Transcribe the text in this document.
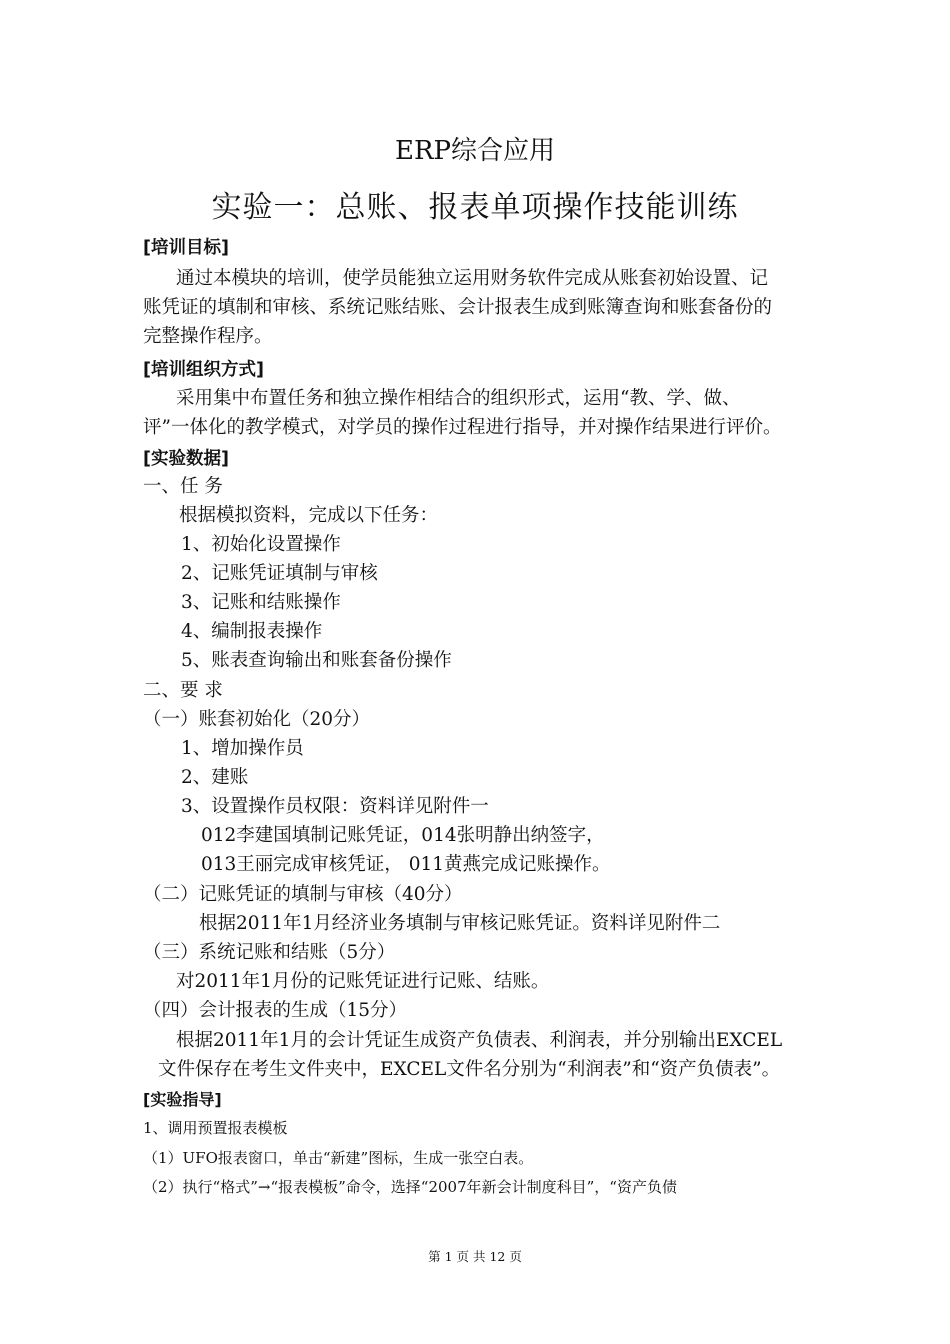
ERP综合应用
实验一：总账、报表单项操作技能训练

[培训目标]

通过本模块的培训，使学员能独立运用财务软件完成从账套初始设置、记

账凭证的填制和审核、系统记账结账、会计报表生成到账簿查询和账套备份的

完整操作程序。

[培训组织方式]

采用集中布置任务和独立操作相结合的组织形式，运用“教、学、做、

评”一体化的教学模式，对学员的操作过程进行指导，并对操作结果进行评价。

[实验数据]

一、任 务

根据模拟资料，完成以下任务：

1、初始化设置操作

2、记账凭证填制与审核

3、记账和结账操作

4、编制报表操作

5、账表查询输出和账套备份操作

二、要 求

（一）账套初始化（20分）

1、增加操作员

2、建账

3、设置操作员权限：资料详见附件一

012李建国填制记账凭证，014张明静出纳签字，

013王丽完成审核凭证， 011黄燕完成记账操作。

（二）记账凭证的填制与审核（40分）

根据2011年1月经济业务填制与审核记账凭证。资料详见附件二

（三）系统记账和结账（5分）

对2011年1月份的记账凭证进行记账、结账。

（四）会计报表的生成（15分）

根据2011年1月的会计凭证生成资产负债表、利润表，并分别输出EXCEL

文件保存在考生文件夹中，EXCEL文件名分别为“利润表”和“资产负债表”。

[实验指导]

1、调用预置报表模板

（1）UFO报表窗口，单击“新建”图标，生成一张空白表。

（2）执行“格式”→“报表模板”命令，选择“2007年新会计制度科目”，“资产负债

第 1 页 共 12 页
